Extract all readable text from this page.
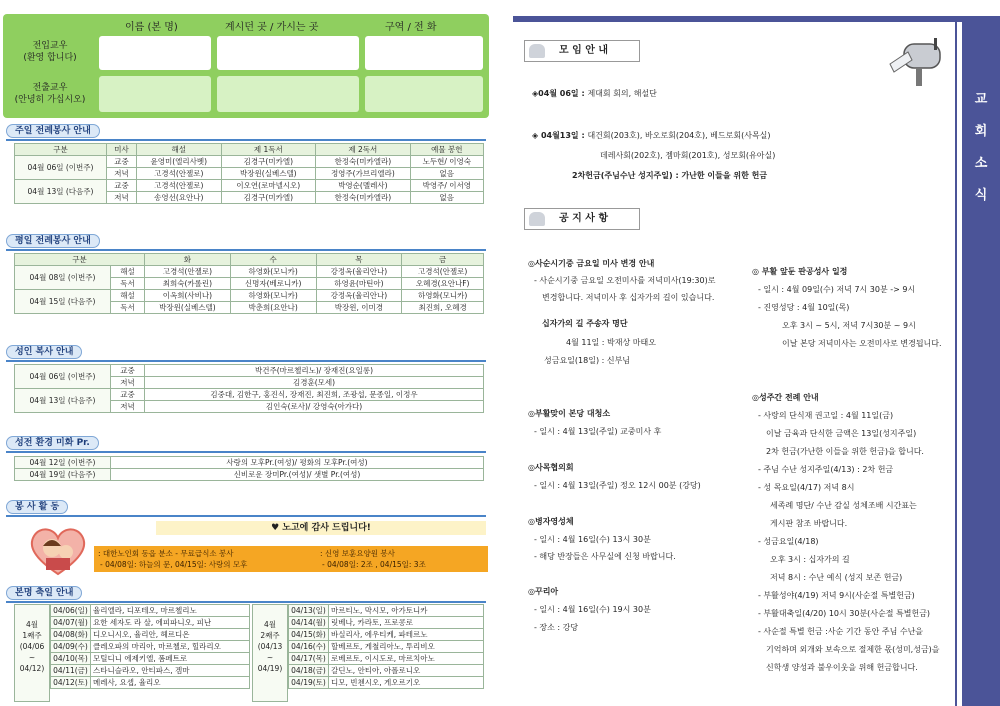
이름 (본 명)	계시던 곳 / 가시는 곳	구역 / 전 화
전입교우
(환영 합니다)
전출교우
(안녕히 가십시오)
주일 전례봉사 안내
구분	미사	해설	제 1독서	제 2독서	예물 봉헌
04월 06일 (이번주)	교중	윤영미(엘리사벳)	김경구(미카엘)	한정숙(미카엘라)	노두현/ 이영숙
	저녁	고경석(안젤로)	박장윈(실베스텔)	정영주(가브리엘라)	없음
04월 13일 (다음주)	교중	고경석(안젤로)	이오연(로마넬시오)	박영순(멜레사)	박영주/ 이서영
	저녁	송영선(요안나)	김경구(미카엘)	한정숙(미카엘라)	없음
평일 전례봉사 안내
구분		화	수	목	금
04월 08일 (이번주)	해설	고경석(안젤로)	하영화(모니카)	강정옥(율리안나)	고경석(안젤로)
	독서	최희숙(카롤린)	신명자(베로니카)	하영윤(마틴아)	오혜경(요안나F)
04월 15일 (다음주)	해설	이옥희(사비나)	하영화(모니카)	강정옥(율리안나)	하영화(모니카)
	독서	박장윈(실베스텔)	박춘희(요안나)	박장윈, 이미경	최진희, 오혜경
성인 복사 안내
04월 06일 (이번주)	교중	박건주(마르첼리노)/ 장재진(요일롱)
	저녁	김경훈(모세)
04월 13일 (다음주)	교중	김중대, 김한구, 홍진식, 장재진, 최진희, 조광섭, 문종일, 이정우
	저녁	김인숙(로사)/ 강영숙(아가다)
성전 환경 미화 Pr.
04월 12일 (이번주)	사랑의 모후Pr.(여성)/ 평화의 모후Pr.(여성)
04월 19일 (다음주)	신비로운 장미Pr.(여성)/ 샛별 Pr.(여성)
봉 사 활 동
♥ 노고에 감사 드립니다!
: 대한노인회 동읍 분소 - 무료급식소 봉사
- 04/08일: 하늘의 문, 04/15일: 사랑의 모후
: 신영 보훈요양원 봉사
- 04/08일: 2조 , 04/15일: 3조
본명 축일 안내
4월
1째주
(04/06
~
04/12)
04/06(일)	율리엘라, 디포테오, 마르첼리노
04/07(월)	요한 세자도 라 살, 에피파니오, 피난
04/08(화)	디오니시오, 율리안, 헤르디온
04/09(수)	클레오파의 마리아, 마르첼로, 힐라리오
04/10(목)	모틸디니 에제키엘, 폼페트로
04/11(금)	스타니슬라오, 안티파스, 겜마
04/12(토)	메레사, 요셉, 율리오
4월
2째주
(04/13
~
04/19)
04/13(일)	마르티노, 막시모, 아가토니카
04/14(월)	릿베나, 카라토, 프로콩로
04/15(화)	바실리사, 에우티케, 파테르노
04/16(수)	할베르토, 게철리아노, 투리비오
04/17(목)	로베르토, 이시도로, 마르치아노
04/18(금)	갈딘노, 안티아, 아폴로니오
04/19(토)	디모, 빈첸시오, 게오르기오
교
회
소
식
모 임 안 내
◈04월 06일 : 제대회 회의, 해설단
◈ 04월13일 : 대건회(203호), 바오로회(204호), 베드로회(사목실)
데레사회(202호), 젬마회(201호), 성모회(유아실)
2차헌금(주님수난 성지주일) : 가난한 이들을 위한 헌금
공 지 사 항
◎사순시기중 금요일 미사 변경 안내
- 사순시기중 금요일 오전미사를 저녁미사(19:30)로
변경합니다. 저녁미사 후 십자가의 길이 있습니다.
십자가의 길 주송자 명단
4월 11일 : 박재상 마태오
성금요일(18일) : 신부님
◎부활맞이 본당 대청소
- 일시 : 4월 13일(주일) 교중미사 후
◎사목협의회
- 일시 : 4월 13일(주일) 정오 12시 00분 (강당)
◎병자영성체
- 일시 : 4월 16일(수) 13시 30분
- 해당 반장들은 사무실에 신청 바랍니다.
◎꾸리아
- 일시 : 4월 16일(수) 19시 30분
- 장소 : 강당
◎ 부활 앞둔 판공성사 일정
- 일시 : 4월 09일(수) 저녁 7시 30분 -> 9시
- 진영성당 : 4월 10일(목)
오후 3시 ~ 5시, 저녁 7시30분 ~ 9시
이날 본당 저녁미사는 오전미사로 변경됩니다.
◎성주간 전례 안내
- 사랑의 단식재 권고일 : 4월 11일(금)
이날 금육과 단식한 금액은 13일(성지주일)
2차 헌금(가난한 이들을 위한 헌금)을 합니다.
- 주님 수난 성지주일(4/13) : 2차 헌금
- 성 목요일(4/17) 저녁 8시
세족례 명단/ 수난 감실 성체조배 시간표는
게시판 참조 바랍니다.
- 성금요일(4/18)
오후 3시 : 십자가의 길
저녁 8시 : 수난 예식 (성지 보존 헌금)
- 부활성야(4/19) 저녁 9시(사순절 특별헌금)
- 부활대축일(4/20) 10시 30분(사순절 특별헌금)
- 사순절 특별 헌금 :사순 기간 동안 주님 수난을
기억하며 외개와 보속으로 절제한 몫(성미,성금)을
신학생 양성과 불우이웃을 위해 헌금합니다.
